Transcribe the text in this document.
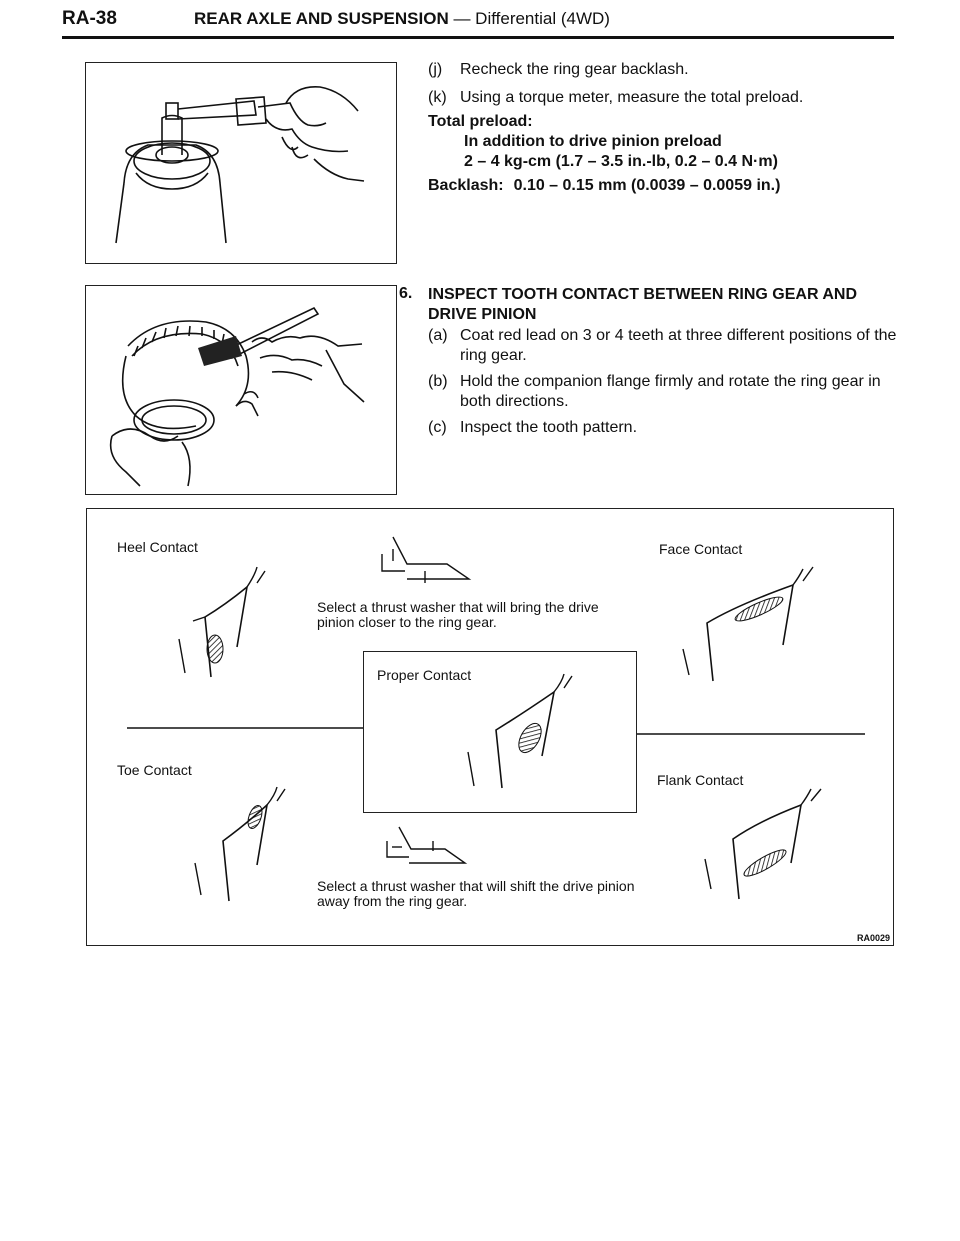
RA-38	REAR AXLE AND SUSPENSION — Differential (4WD)
(j) Recheck the ring gear backlash.
(k) Using a torque meter, measure the total preload.
Total preload:
In addition to drive pinion preload
2 – 4 kg-cm (1.7 – 3.5 in.-lb, 0.2 – 0.4 N·m)
Backlash: 0.10 – 0.15 mm (0.0039 – 0.0059 in.)
6. INSPECT TOOTH CONTACT BETWEEN RING GEAR AND DRIVE PINION
(a) Coat red lead on 3 or 4 teeth at three different positions of the ring gear.
(b) Hold the companion flange firmly and rotate the ring gear in both directions.
(c) Inspect the tooth pattern.
Heel Contact	Face Contact
Select a thrust washer that will bring the drive pinion closer to the ring gear.
Toe Contact
Flank Contact
Proper Contact
Select a thrust washer that will shift the drive pinion away from the ring gear.
RA0029
